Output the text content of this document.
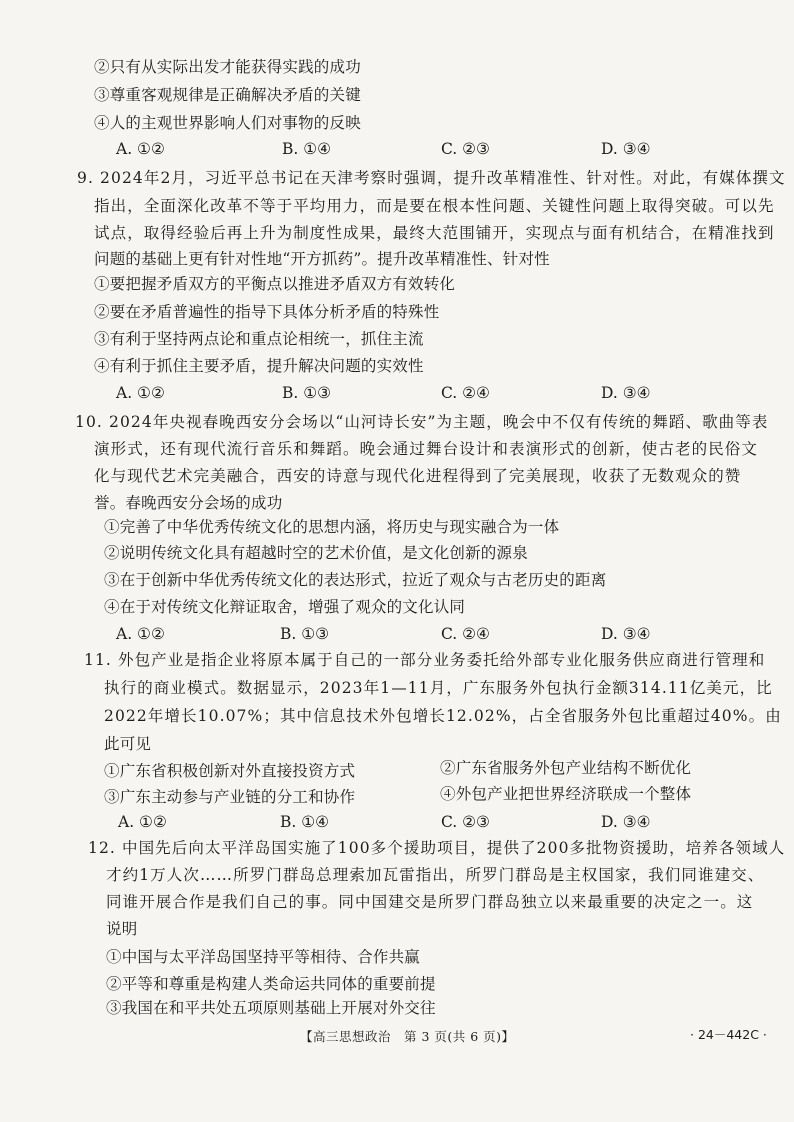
②只有从实际出发才能获得实践的成功
③尊重客观规律是正确解决矛盾的关键
④人的主观世界影响人们对事物的反映
A. ①②	B. ①④	C. ②③	D. ③④
9. 2024年2月，习近平总书记在天津考察时强调，提升改革精准性、针对性。对此，有媒体撰文
指出，全面深化改革不等于平均用力，而是要在根本性问题、关键性问题上取得突破。可以先
试点，取得经验后再上升为制度性成果，最终大范围铺开，实现点与面有机结合，在精准找到
问题的基础上更有针对性地“开方抓药”。提升改革精准性、针对性
①要把握矛盾双方的平衡点以推进矛盾双方有效转化
②要在矛盾普遍性的指导下具体分析矛盾的特殊性
③有利于坚持两点论和重点论相统一，抓住主流
④有利于抓住主要矛盾，提升解决问题的实效性
A. ①②	B. ①③	C. ②④	D. ③④
10. 2024年央视春晚西安分会场以“山河诗长安”为主题，晚会中不仅有传统的舞蹈、歌曲等表
演形式，还有现代流行音乐和舞蹈。晚会通过舞台设计和表演形式的创新，使古老的民俗文
化与现代艺术完美融合，西安的诗意与现代化进程得到了完美展现，收获了无数观众的赞
誉。春晚西安分会场的成功
①完善了中华优秀传统文化的思想内涵，将历史与现实融合为一体
②说明传统文化具有超越时空的艺术价值，是文化创新的源泉
③在于创新中华优秀传统文化的表达形式，拉近了观众与古老历史的距离
④在于对传统文化辩证取舍，增强了观众的文化认同
A. ①②	B. ①③	C. ②④	D. ③④
11. 外包产业是指企业将原本属于自己的一部分业务委托给外部专业化服务供应商进行管理和
执行的商业模式。数据显示，2023年1—11月，广东服务外包执行金额314.11亿美元，比
2022年增长10.07%；其中信息技术外包增长12.02%，占全省服务外包比重超过40%。由
此可见
①广东省积极创新对外直接投资方式	②广东省服务外包产业结构不断优化
③广东主动参与产业链的分工和协作	④外包产业把世界经济联成一个整体
A. ①②	B. ①④	C. ②③	D. ③④
12. 中国先后向太平洋岛国实施了100多个援助项目，提供了200多批物资援助，培养各领域人
才约1万人次……所罗门群岛总理索加瓦雷指出，所罗门群岛是主权国家，我们同谁建交、
同谁开展合作是我们自己的事。同中国建交是所罗门群岛独立以来最重要的决定之一。这
说明
①中国与太平洋岛国坚持平等相待、合作共赢
②平等和尊重是构建人类命运共同体的重要前提
③我国在和平共处五项原则基础上开展对外交往
【高三思想政治　第 3 页(共 6 页)】	· 24－442C ·
